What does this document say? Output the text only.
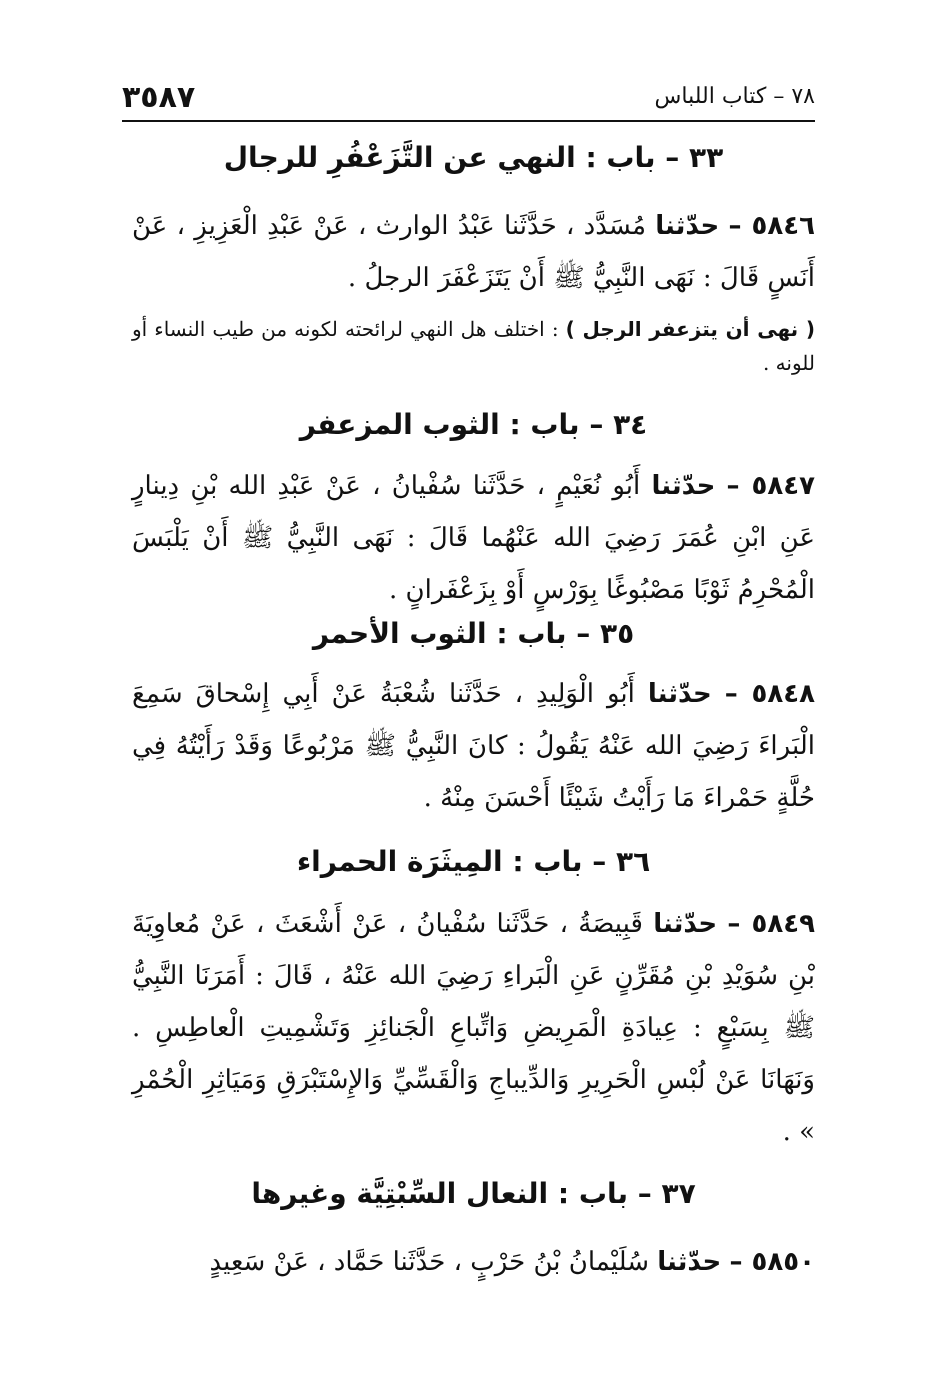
٣٥٨٧	٧٨ – كتاب اللباس
٣٣ – باب : النهي عن التَّزَعْفُرِ للرجال

٥٨٤٦ – حدّثنا مُسَدَّد ، حَدَّثَنا عَبْدُ الوارث ، عَنْ عَبْدِ الْعَزِيزِ ، عَنْ أَنَسٍ قَالَ : نَهَى النَّبِيُّ ﷺ أَنْ يَتَزَعْفَرَ الرجلُ .

( نهى أن يتزعفر الرجل ) : اختلف هل النهي لرائحته لكونه من طيب النساء أو للونه .

٣٤ – باب : الثوب المزعفر

٥٨٤٧ – حدّثنا أَبُو نُعَيْمٍ ، حَدَّثَنا سُفْيانُ ، عَنْ عَبْدِ الله بْنِ دِينارٍ عَنِ ابْنِ عُمَرَ رَضِيَ الله عَنْهُما قَالَ : نَهَى النَّبِيُّ ﷺ أَنْ يَلْبَسَ الْمُحْرِمُ ثَوْبًا مَصْبُوغًا بِوَرْسٍ أَوْ بِزَعْفَرانٍ .

٣٥ – باب : الثوب الأحمر

٥٨٤٨ – حدّثنا أَبُو الْوَلِيدِ ، حَدَّثَنا شُعْبَةُ عَنْ أَبِي إِسْحاقَ سَمِعَ الْبَراءَ رَضِيَ الله عَنْهُ يَقُولُ : كانَ النَّبِيُّ ﷺ مَرْبُوعًا وَقَدْ رَأَيْتُهُ فِي حُلَّةٍ حَمْراءَ مَا رَأَيْتُ شَيْئًا أَحْسَنَ مِنْهُ .

٣٦ – باب : المِيثَرَة الحمراء

٥٨٤٩ – حدّثنا قَبِيصَةُ ، حَدَّثَنا سُفْيانُ ، عَنْ أَشْعَثَ ، عَنْ مُعاوِيَةَ بْنِ سُوَيْدِ بْنِ مُقَرِّنٍ عَنِ الْبَراءِ رَضِيَ الله عَنْهُ ، قَالَ : أَمَرَنَا النَّبِيُّ ﷺ بِسَبْعٍ : عِيادَةِ الْمَرِيضِ وَاتِّباعِ الْجَنائِزِ وَتَشْمِيتِ الْعاطِسِ . وَنَهَانَا عَنْ لُبْسِ الْحَرِيرِ وَالدِّيباجِ وَالْقَسِّيِّ وَالإِسْتَبْرَقِ وَمَيَاثِرِ الْحُمْرِ » .

٣٧ – باب : النعال السِّبْتِيَّة وغيرها

٥٨٥٠ – حدّثنا سُلَيْمانُ بْنُ حَرْبٍ ، حَدَّثَنا حَمَّاد ، عَنْ سَعِيدٍ
